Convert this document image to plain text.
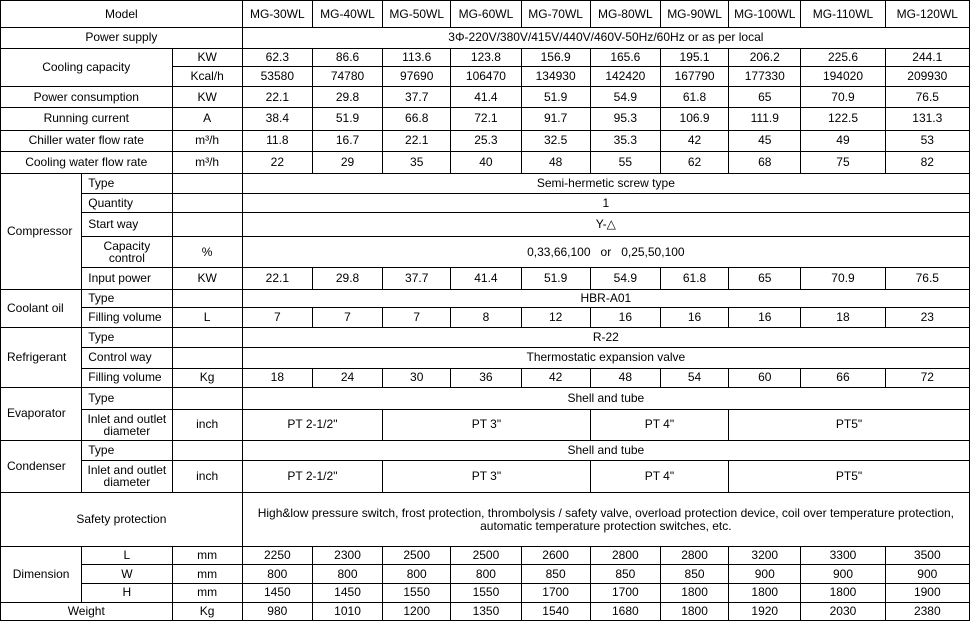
Model			MG-30WL	MG-40WL	MG-50WL	MG-60WL	MG-70WL	MG-80WL	MG-90WL	MG-100WL	MG-110WL	MG-120WL
Power supply			3Φ-220V/380V/415V/440V/460V-50Hz/60Hz or as per local									
Cooling capacity		KW	62.3	86.6	113.6	123.8	156.9	165.6	195.1	206.2	225.6	244.1
		Kcal/h	53580	74780	97690	106470	134930	142420	167790	177330	194020	209930
Power consumption		KW	22.1	29.8	37.7	41.4	51.9	54.9	61.8	65	70.9	76.5
Running current		A	38.4	51.9	66.8	72.1	91.7	95.3	106.9	111.9	122.5	131.3
Chiller water flow rate		m³/h	11.8	16.7	22.1	25.3	32.5	35.3	42	45	49	53
Cooling water flow rate		m³/h	22	29	35	40	48	55	62	68	75	82
Compressor	Type		Semi-hermetic screw type									
	Quantity		1									
	Start way		Y-△									
	Capacity control	%	0,33,66,100   or   0,25,50,100									
	Input power	KW	22.1	29.8	37.7	41.4	51.9	54.9	61.8	65	70.9	76.5
Coolant oil	Type		HBR-A01									
	Filling volume	L	7	7	7	8	12	16	16	16	18	23
Refrigerant	Type		R-22									
	Control way		Thermostatic expansion valve									
	Filling volume	Kg	18	24	30	36	42	48	54	60	66	72
Evaporator	Type		Shell and tube									
	Inlet and outlet diameter	inch	PT 2-1/2"		PT 3"			PT 4"		PT5"		
Condenser	Type		Shell and tube									
	Inlet and outlet diameter	inch	PT 2-1/2"		PT 3"			PT 4"		PT5"		
Safety protection			High&low pressure switch, frost protection, thrombolysis / safety valve, overload protection device, coil over temperature protection, automatic temperature protection switches, etc.									
Dimension	L	mm	2250	2300	2500	2500	2600	2800	2800	3200	3300	3500
	W	mm	800	800	800	800	850	850	850	900	900	900
	H	mm	1450	1450	1550	1550	1700	1700	1800	1800	1800	1900
Weight		Kg	980	1010	1200	1350	1540	1680	1800	1920	2030	2380
